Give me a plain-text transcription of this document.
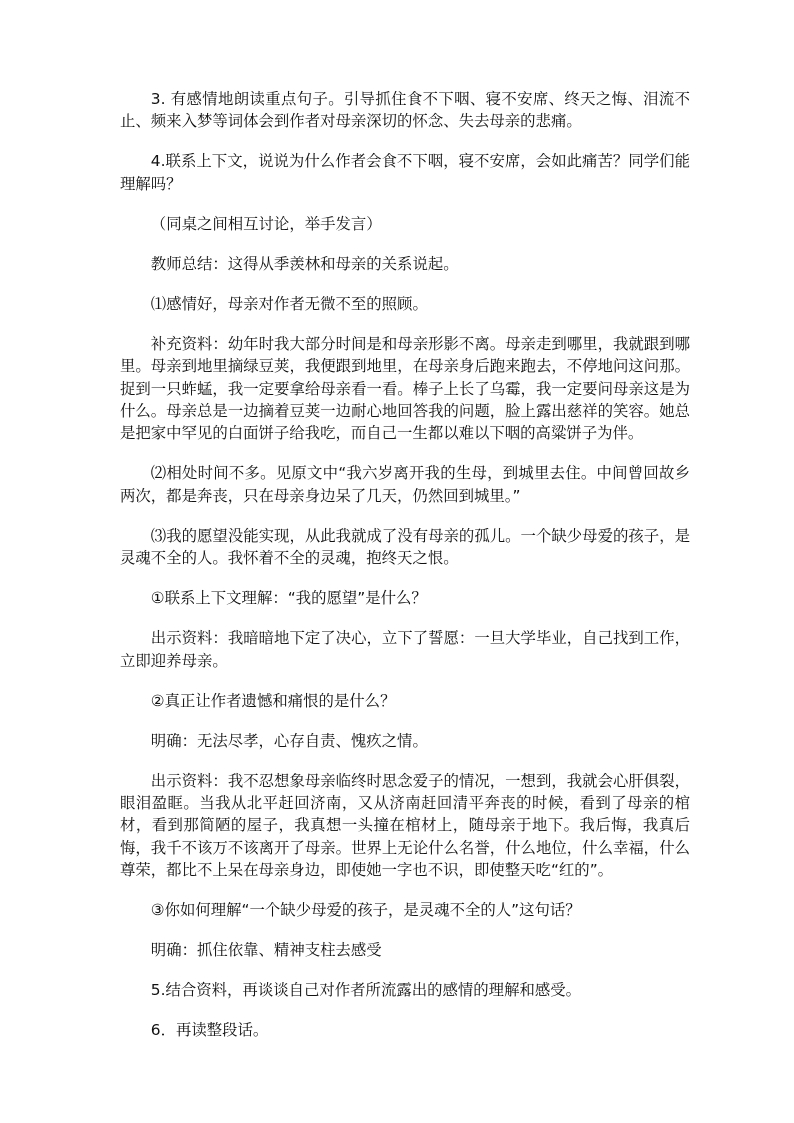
3. 有感情地朗读重点句子。引导抓住食不下咽、寝不安席、终天之悔、泪流不止、频来入梦等词体会到作者对母亲深切的怀念、失去母亲的悲痛。

4.联系上下文，说说为什么作者会食不下咽，寝不安席，会如此痛苦？同学们能理解吗？

（同桌之间相互讨论，举手发言）

教师总结：这得从季羡林和母亲的关系说起。

⑴感情好，母亲对作者无微不至的照顾。

补充资料：幼年时我大部分时间是和母亲形影不离。母亲走到哪里，我就跟到哪里。母亲到地里摘绿豆荚，我便跟到地里，在母亲身后跑来跑去，不停地问这问那。捉到一只蚱蜢，我一定要拿给母亲看一看。棒子上长了乌霉，我一定要问母亲这是为什么。母亲总是一边摘着豆荚一边耐心地回答我的问题，脸上露出慈祥的笑容。她总是把家中罕见的白面饼子给我吃，而自己一生都以难以下咽的高粱饼子为伴。

⑵相处时间不多。见原文中“我六岁离开我的生母，到城里去住。中间曾回故乡两次，都是奔丧，只在母亲身边呆了几天，仍然回到城里。”

⑶我的愿望没能实现，从此我就成了没有母亲的孤儿。一个缺少母爱的孩子，是灵魂不全的人。我怀着不全的灵魂，抱终天之恨。

①联系上下文理解：“我的愿望”是什么？

出示资料：我暗暗地下定了决心，立下了誓愿：一旦大学毕业，自己找到工作，立即迎养母亲。

②真正让作者遗憾和痛恨的是什么？

明确：无法尽孝，心存自责、愧疚之情。

出示资料：我不忍想象母亲临终时思念爱子的情况，一想到，我就会心肝俱裂，眼泪盈眶。当我从北平赶回济南，又从济南赶回清平奔丧的时候，看到了母亲的棺材，看到那简陋的屋子，我真想一头撞在棺材上，随母亲于地下。我后悔，我真后悔，我千不该万不该离开了母亲。世界上无论什么名誉，什么地位，什么幸福，什么尊荣，都比不上呆在母亲身边，即使她一字也不识，即使整天吃“红的”。

③你如何理解“一个缺少母爱的孩子，是灵魂不全的人”这句话？

明确：抓住依靠、精神支柱去感受

5.结合资料，再谈谈自己对作者所流露出的感情的理解和感受。

6．再读整段话。
